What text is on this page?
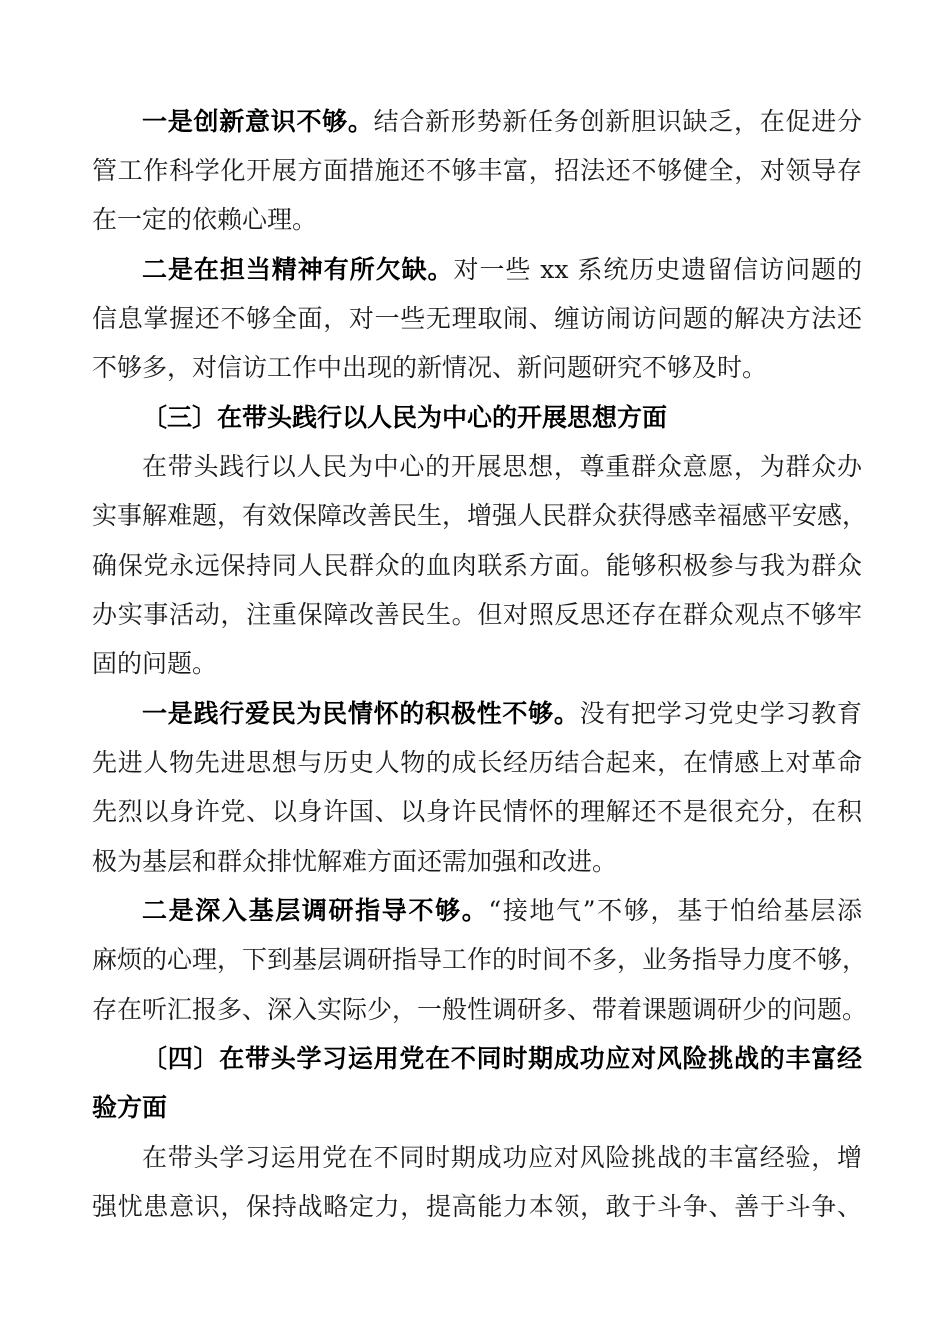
一是创新意识不够。结合新形势新任务创新胆识缺乏，在促进分
管工作科学化开展方面措施还不够丰富，招法还不够健全，对领导存
在一定的依赖心理。
二是在担当精神有所欠缺。对一些 xx 系统历史遗留信访问题的
信息掌握还不够全面，对一些无理取闹、缠访闹访问题的解决方法还
不够多，对信访工作中出现的新情况、新问题研究不够及时。
〔三〕在带头践行以人民为中心的开展思想方面
在带头践行以人民为中心的开展思想，尊重群众意愿，为群众办
实事解难题，有效保障改善民生，增强人民群众获得感幸福感平安感，
确保党永远保持同人民群众的血肉联系方面。能够积极参与我为群众
办实事活动，注重保障改善民生。但对照反思还存在群众观点不够牢
固的问题。
一是践行爱民为民情怀的积极性不够。没有把学习党史学习教育
先进人物先进思想与历史人物的成长经历结合起来，在情感上对革命
先烈以身许党、以身许国、以身许民情怀的理解还不是很充分，在积
极为基层和群众排忧解难方面还需加强和改进。
二是深入基层调研指导不够。“接地气”不够，基于怕给基层添
麻烦的心理，下到基层调研指导工作的时间不多，业务指导力度不够，
存在听汇报多、深入实际少，一般性调研多、带着课题调研少的问题。
〔四〕在带头学习运用党在不同时期成功应对风险挑战的丰富经
验方面
在带头学习运用党在不同时期成功应对风险挑战的丰富经验，增
强忧患意识，保持战略定力，提高能力本领，敢于斗争、善于斗争、
